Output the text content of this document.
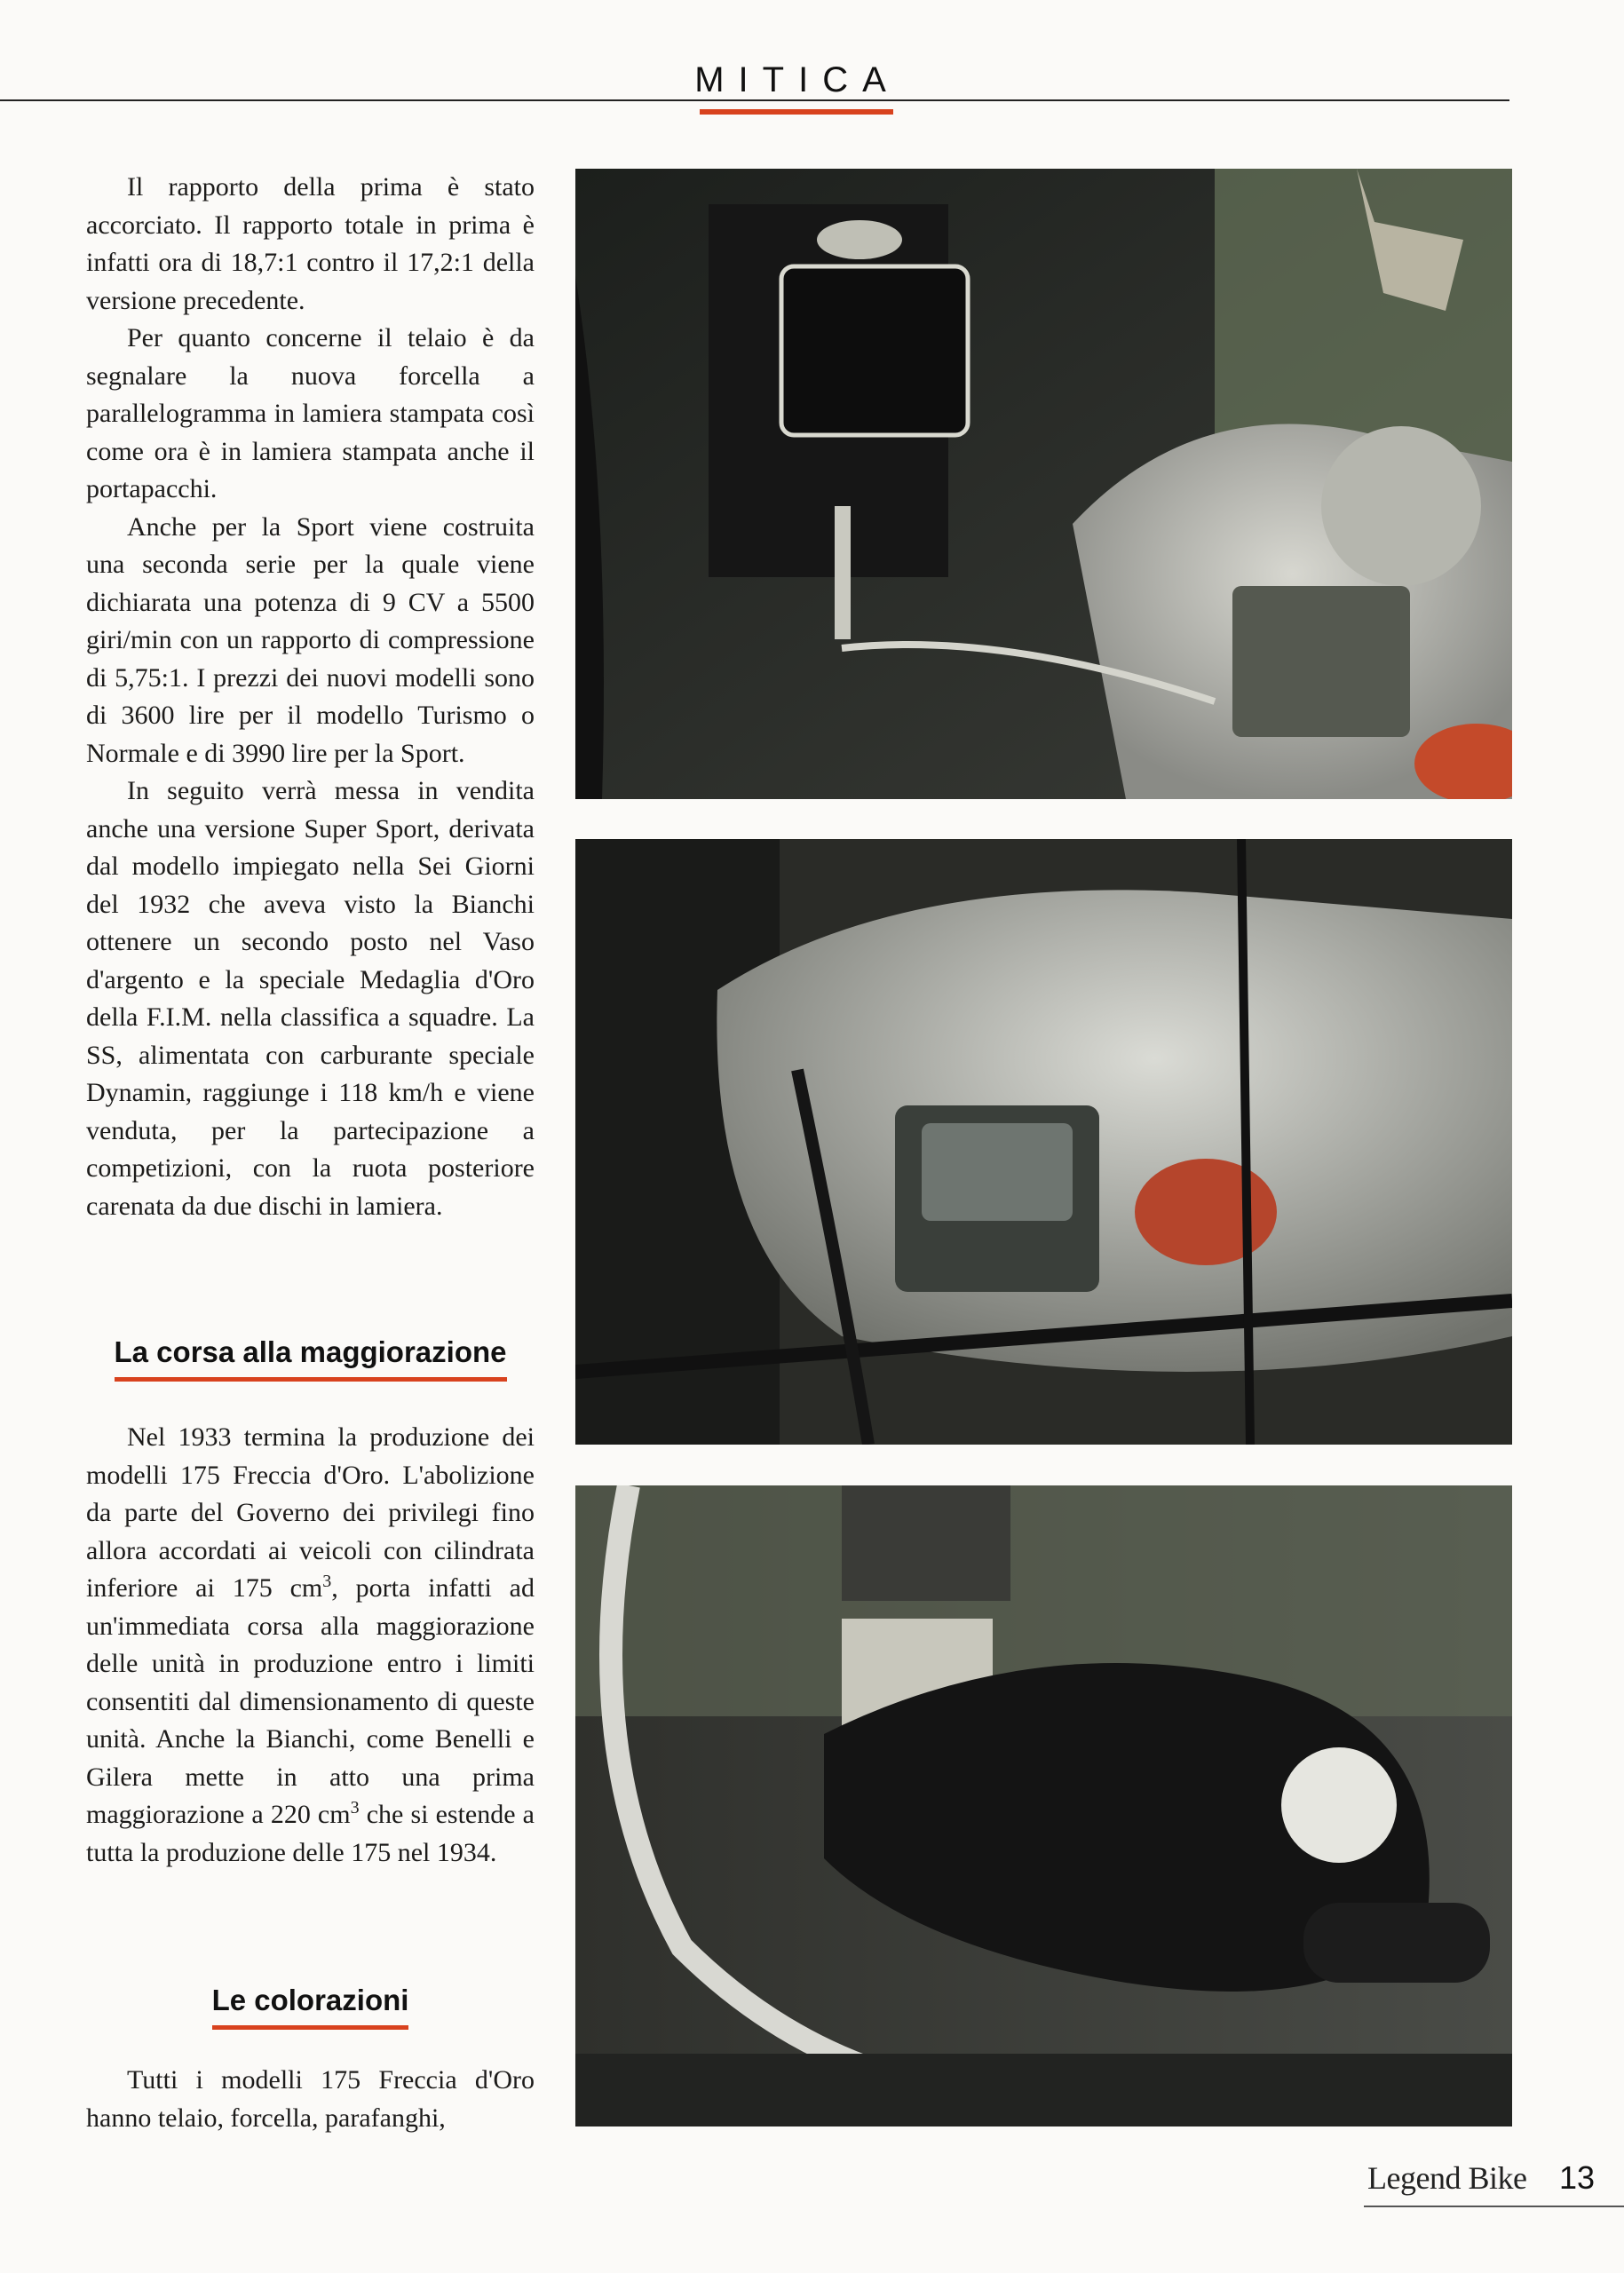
MITICA

Il rapporto della prima è stato accorciato. Il rapporto totale in prima è infatti ora di 18,7:1 contro il 17,2:1 della versione precedente.

Per quanto concerne il telaio è da segnalare la nuova forcella a parallelogramma in lamiera stampata così come ora è in lamiera stampata anche il portapacchi.

Anche per la Sport viene costruita una seconda serie per la quale viene dichiarata una potenza di 9 CV a 5500 giri/min con un rapporto di compressione di 5,75:1. I prezzi dei nuovi modelli sono di 3600 lire per il modello Turismo o Normale e di 3990 lire per la Sport.

In seguito verrà messa in vendita anche una versione Super Sport, derivata dal modello impiegato nella Sei Giorni del 1932 che aveva visto la Bianchi ottenere un secondo posto nel Vaso d'argento e la speciale Medaglia d'Oro della F.I.M. nella classifica a squadre. La SS, alimentata con carburante speciale Dynamin, raggiunge i 118 km/h e viene venduta, per la partecipazione a competizioni, con la ruota posteriore carenata da due dischi in lamiera.

La corsa alla maggiorazione

Nel 1933 termina la produzione dei modelli 175 Freccia d'Oro. L'abolizione da parte del Governo dei privilegi fino allora accordati ai veicoli con cilindrata inferiore ai 175 $cm^3$, porta infatti ad un'immediata corsa alla maggiorazione delle unità in produzione entro i limiti consentiti dal dimensionamento di queste unità. Anche la Bianchi, come Benelli e Gilera mette in atto una prima maggiorazione a 220 $cm^3$ che si estende a tutta la produzione delle 175 nel 1934.

Le colorazioni

Tutti i modelli 175 Freccia d'Oro hanno telaio, forcella, parafanghi,

Legend Bike 13
